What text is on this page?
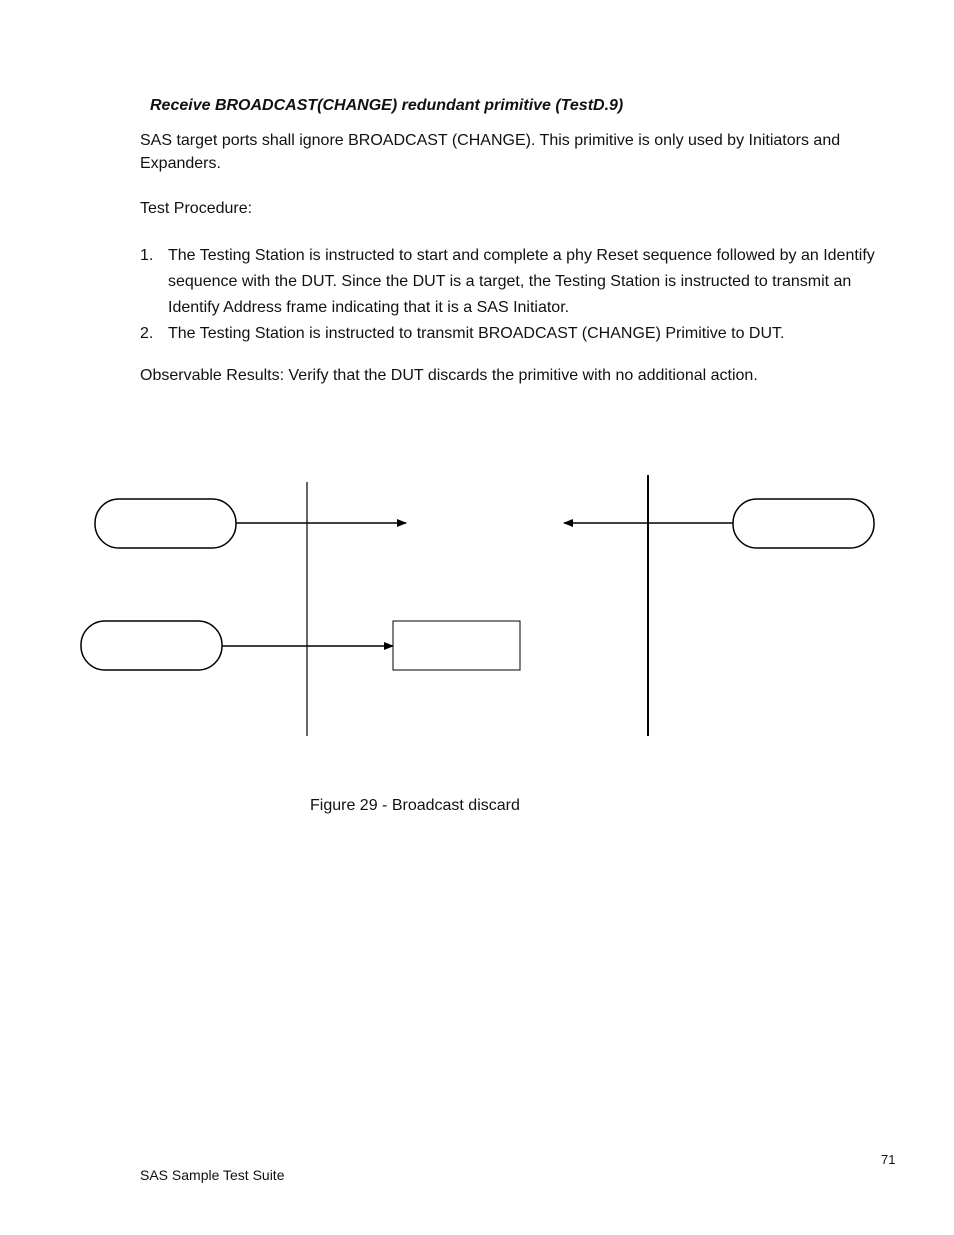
Receive BROADCAST(CHANGE) redundant primitive (TestD.9)

SAS target ports shall ignore BROADCAST (CHANGE). This primitive is only used by Initiators and Expanders.

Test Procedure:

1. The Testing Station is instructed to start and complete a phy Reset sequence followed by an Identify sequence with the DUT. Since the DUT is a target, the Testing Station is instructed to transmit an Identify Address frame indicating that it is a SAS Initiator.
2. The Testing Station is instructed to transmit BROADCAST (CHANGE) Primitive to DUT.

Observable Results: Verify that the DUT discards the primitive with no additional action.

Figure 29 - Broadcast discard

71

SAS Sample Test Suite
